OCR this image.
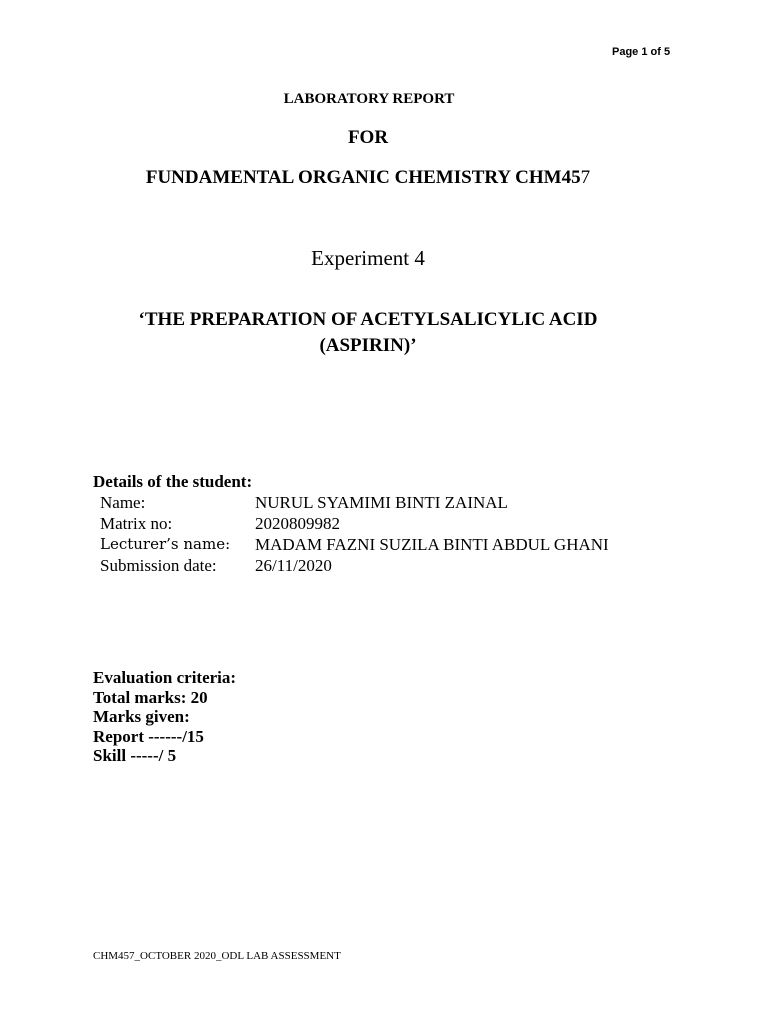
Page 1 of 5
LABORATORY REPORT
FOR
FUNDAMENTAL ORGANIC CHEMISTRY CHM457
Experiment 4
‘THE PREPARATION OF ACETYLSALICYLIC ACID
(ASPIRIN)’
Details of the student:
Name:	NURUL SYAMIMI BINTI ZAINAL
Matrix no:	2020809982
Lecturer’s name:	MADAM FAZNI SUZILA BINTI ABDUL GHANI
Submission date:	26/11/2020
Evaluation criteria:
Total marks: 20
Marks given:
Report ------/15
Skill -----/ 5
CHM457_OCTOBER 2020_ODL LAB ASSESSMENT
